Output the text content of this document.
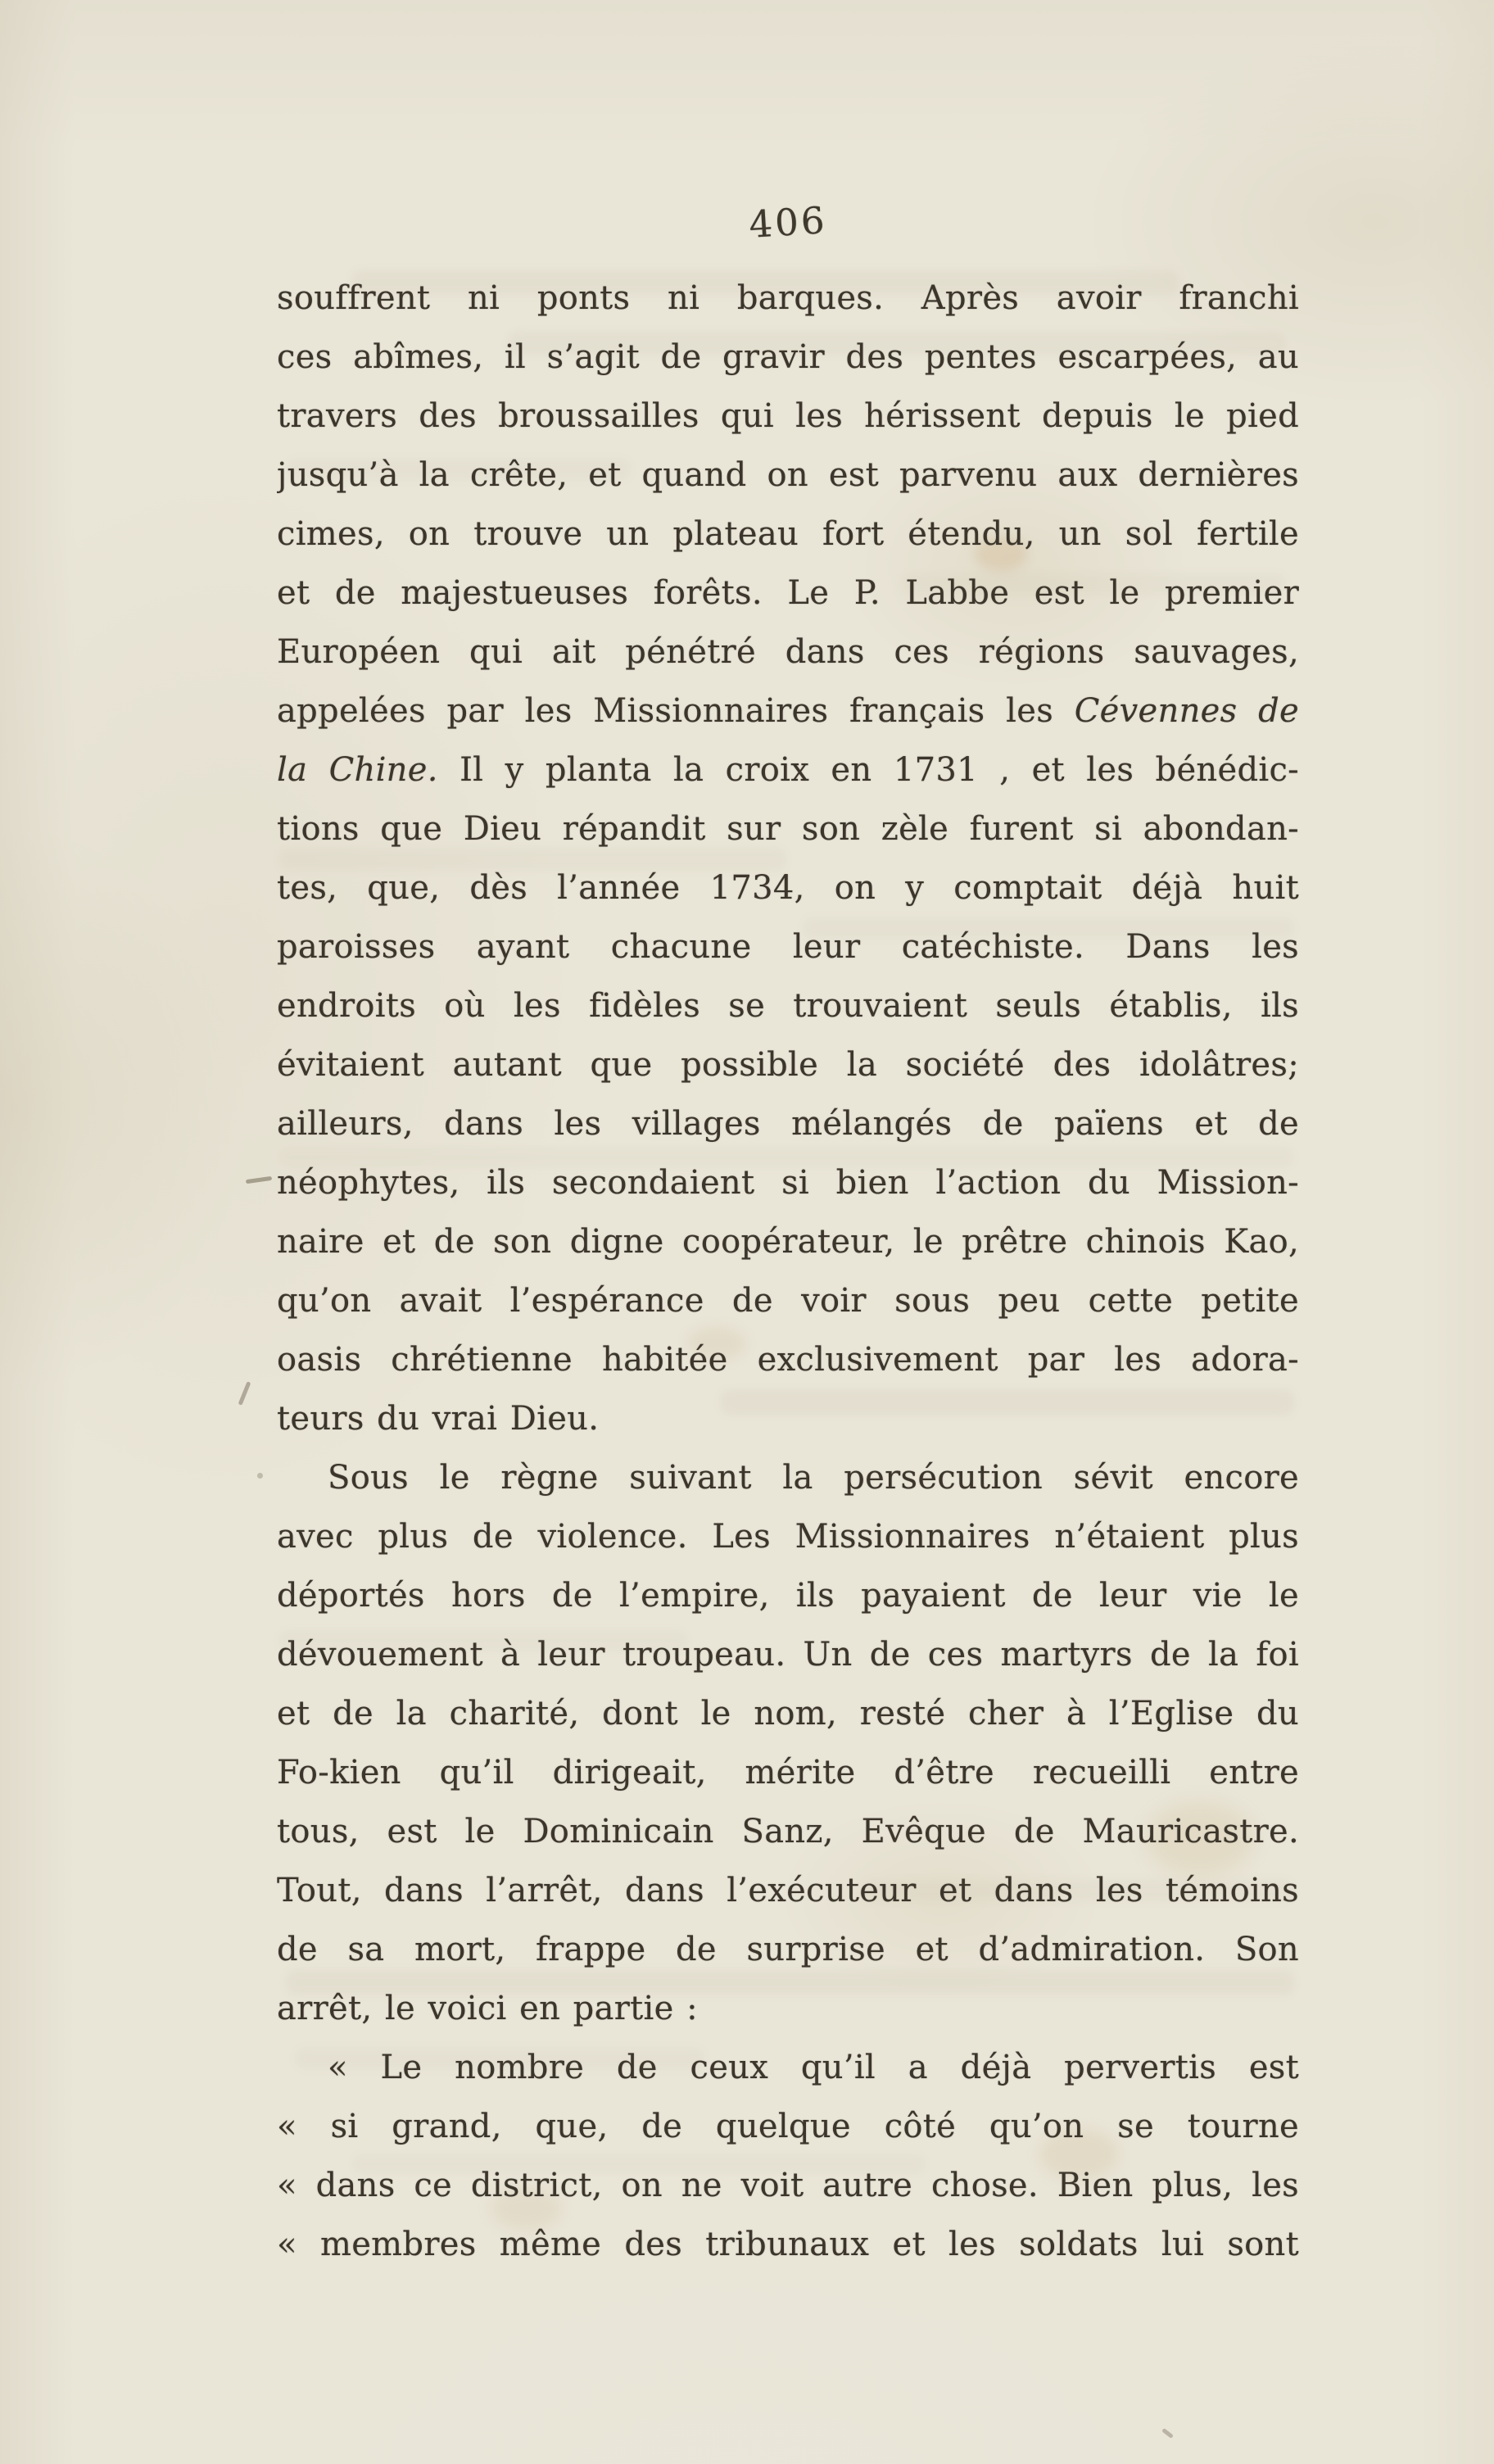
406
souffrent ni ponts ni barques. Après avoir franchi
ces abîmes, il s’agit de gravir des pentes escarpées, au
travers des broussailles qui les hérissent depuis le pied
jusqu’à la crête, et quand on est parvenu aux dernières
cimes, on trouve un plateau fort étendu, un sol fertile
et de majestueuses forêts. Le P. Labbe est le premier
Européen qui ait pénétré dans ces régions sauvages,
appelées par les Missionnaires français les Cévennes de
la Chine. Il y planta la croix en 1731 , et les bénédic-
tions que Dieu répandit sur son zèle furent si abondan-
tes, que, dès l’année 1734, on y comptait déjà huit
paroisses ayant chacune leur catéchiste. Dans les
endroits où les fidèles se trouvaient seuls établis, ils
évitaient autant que possible la société des idolâtres;
ailleurs, dans les villages mélangés de païens et de
néophytes, ils secondaient si bien l’action du Mission-
naire et de son digne coopérateur, le prêtre chinois Kao,
qu’on avait l’espérance de voir sous peu cette petite
oasis chrétienne habitée exclusivement par les adora-
teurs du vrai Dieu.
Sous le règne suivant la persécution sévit encore
avec plus de violence. Les Missionnaires n’étaient plus
déportés hors de l’empire, ils payaient de leur vie le
dévouement à leur troupeau. Un de ces martyrs de la foi
et de la charité, dont le nom, resté cher à l’Eglise du
Fo-kien qu’il dirigeait, mérite d’être recueilli entre
tous, est le Dominicain Sanz, Evêque de Mauricastre.
Tout, dans l’arrêt, dans l’exécuteur et dans les témoins
de sa mort, frappe de surprise et d’admiration. Son
arrêt, le voici en partie :
« Le nombre de ceux qu’il a déjà pervertis est
« si grand, que, de quelque côté qu’on se tourne
« dans ce district, on ne voit autre chose. Bien plus, les
« membres même des tribunaux et les soldats lui sont
